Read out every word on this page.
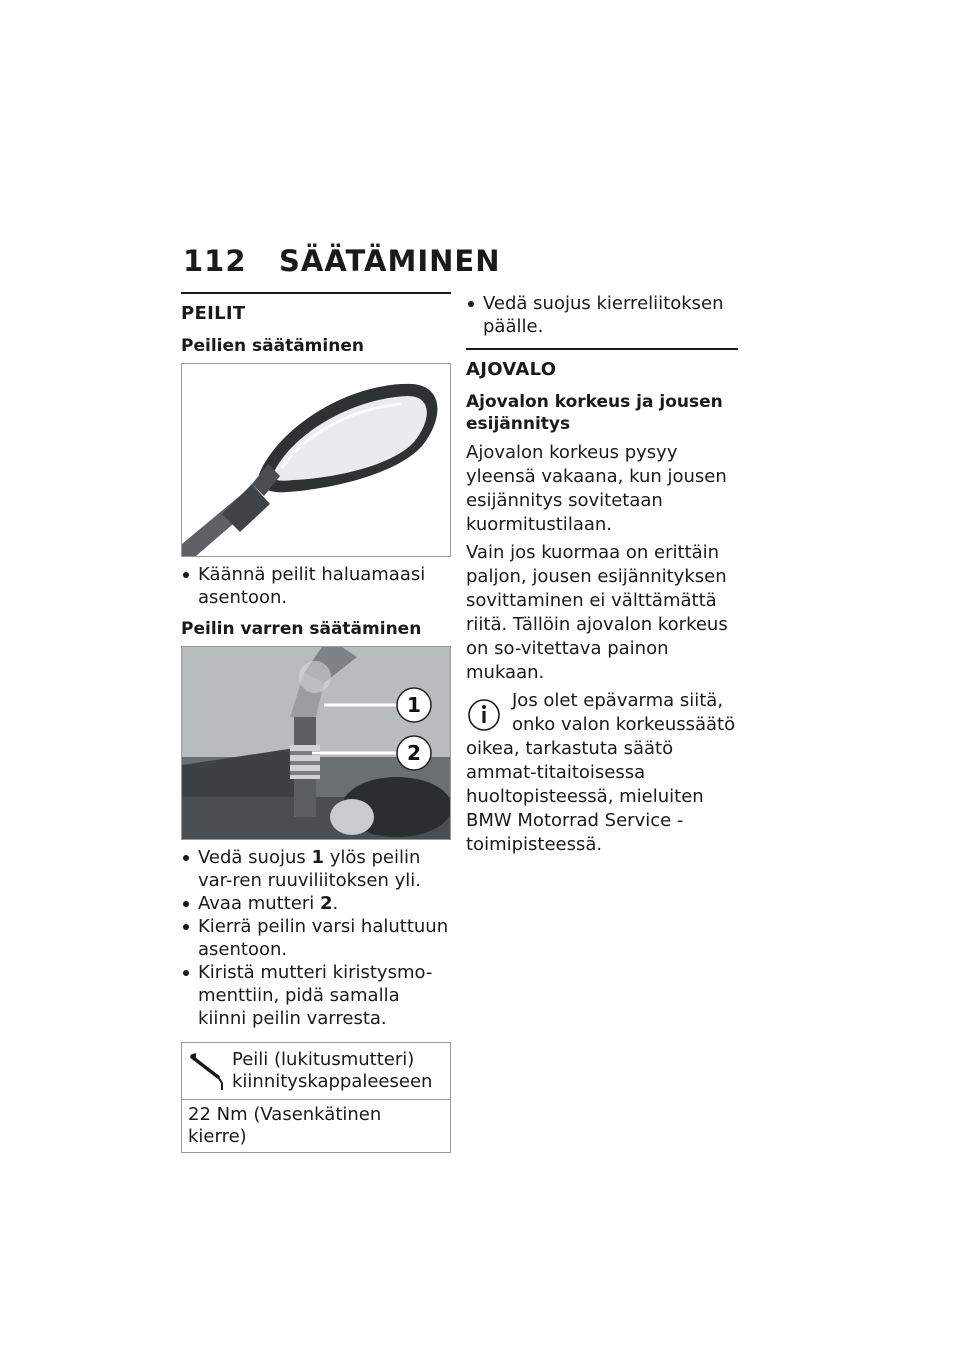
112 SÄÄTÄMINEN
PEILIT
Peilien säätäminen
Käännä peilit haluamaasi asentoon.
Peilin varren säätäminen
1
2
Vedä suojus 1 ylös peilin var-ren ruuviliitoksen yli.
Avaa mutteri 2.
Kierrä peilin varsi haluttuun asentoon.
Kiristä mutteri kiristysmo-menttiin, pidä samalla kiinni peilin varresta.
Peili (lukitusmutteri) kiinnityskappaleeseen
22 Nm (Vasenkätinen kierre)
Vedä suojus kierreliitoksen päälle.
AJOVALO
Ajovalon korkeus ja jousen esijännitys
Ajovalon korkeus pysyy yleensä vakaana, kun jousen esijännitys sovitetaan kuormitustilaan.
Vain jos kuormaa on erittäin paljon, jousen esijännityksen sovittaminen ei välttämättä riitä. Tällöin ajovalon korkeus on so-vitettava painon mukaan.
Jos olet epävarma siitä, onko valon korkeussäätö
oikea, tarkastuta säätö ammat-titaitoisessa huoltopisteessä, mieluiten BMW Motorrad Service -toimipisteessä.
